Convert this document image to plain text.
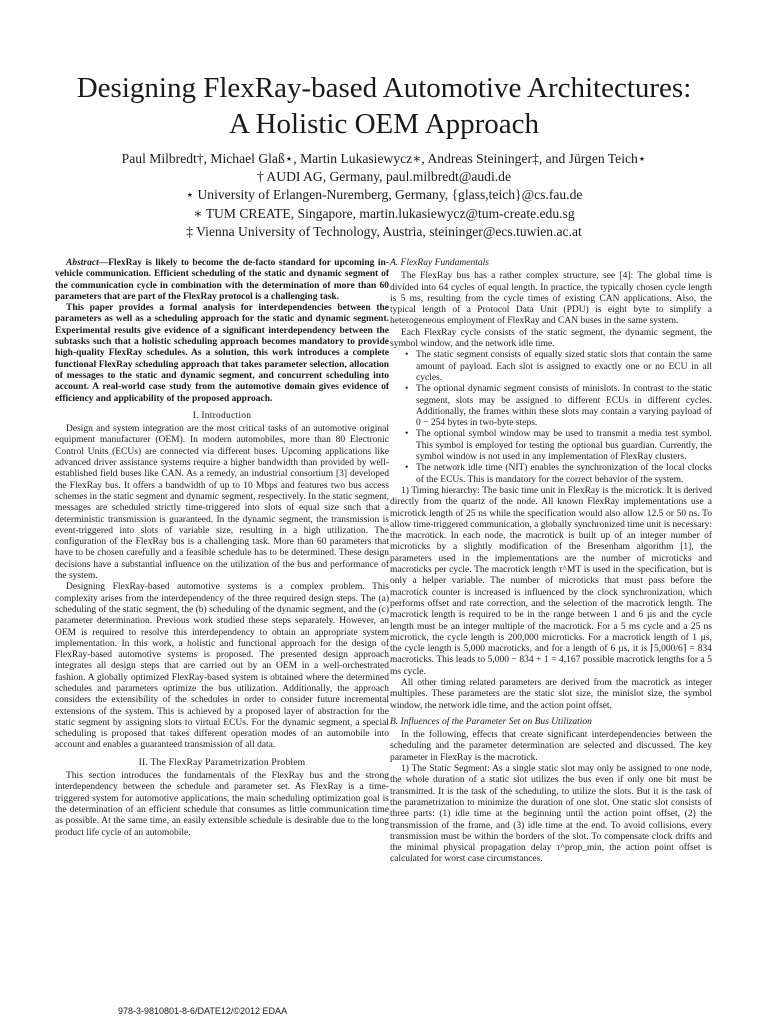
Designing FlexRay-based Automotive Architectures:
A Holistic OEM Approach
Paul Milbredt†, Michael Glaß⋆, Martin Lukasiewycz∗, Andreas Steininger‡, and Jürgen Teich⋆
† AUDI AG, Germany, paul.milbredt@audi.de
⋆ University of Erlangen-Nuremberg, Germany, {glass,teich}@cs.fau.de
∗ TUM CREATE, Singapore, martin.lukasiewycz@tum-create.edu.sg
‡ Vienna University of Technology, Austria, steininger@ecs.tuwien.ac.at

Abstract—FlexRay is likely to become the de-facto standard for upcoming in-vehicle communication. Efficient scheduling of the static and dynamic segment of the communication cycle in combination with the determination of more than 60 parameters that are part of the FlexRay protocol is a challenging task.

This paper provides a formal analysis for interdependencies between the parameters as well as a scheduling approach for the static and dynamic segment. Experimental results give evidence of a significant interdependency between the subtasks such that a holistic scheduling approach becomes mandatory to provide high-quality FlexRay schedules. As a solution, this work introduces a complete functional FlexRay scheduling approach that takes parameter selection, allocation of messages to the static and dynamic segment, and concurrent scheduling into account. A real-world case study from the automotive domain gives evidence of efficiency and applicability of the proposed approach.

I. Introduction

Design and system integration are the most critical tasks of an automotive original equipment manufacturer (OEM). In modern automobiles, more than 80 Electronic Control Units (ECUs) are connected via different buses. Upcoming applications like advanced driver assistance systems require a higher bandwidth than provided by well-established field buses like CAN. As a remedy, an industrial consortium [3] developed the FlexRay bus. It offers a bandwidth of up to 10 Mbps and features two bus access schemes in the static segment and dynamic segment, respectively. In the static segment, messages are scheduled strictly time-triggered into slots of equal size such that a deterministic transmission is guaranteed. In the dynamic segment, the transmission is event-triggered into slots of variable size, resulting in a high utilization. The configuration of the FlexRay bus is a challenging task. More than 60 parameters that have to be chosen carefully and a feasible schedule has to be determined. These design decisions have a substantial influence on the utilization of the bus and performance of the system.

Designing FlexRay-based automotive systems is a complex problem. This complexity arises from the interdependency of the three required design steps. The (a) scheduling of the static segment, the (b) scheduling of the dynamic segment, and the (c) parameter determination. Previous work studied these steps separately. However, an OEM is required to resolve this interdependency to obtain an appropriate system implementation. In this work, a holistic and functional approach for the design of FlexRay-based automotive systems is proposed. The presented design approach integrates all design steps that are carried out by an OEM in a well-orchestrated fashion. A globally optimized FlexRay-based system is obtained where the determined schedules and parameters optimize the bus utilization. Additionally, the approach considers the extensibility of the schedules in order to consider future incremental extensions of the system. This is achieved by a proposed layer of abstraction for the static segment by assigning slots to virtual ECUs. For the dynamic segment, a special scheduling is proposed that takes different operation modes of an automobile into account and enables a guaranteed transmission of all data.

II. The FlexRay Parametrization Problem

This section introduces the fundamentals of the FlexRay bus and the strong interdependency between the schedule and parameter set. As FlexRay is a time-triggered system for automotive applications, the main scheduling optimization goal is the determination of an efficient schedule that consumes as little communication time as possible. At the same time, an easily extensible schedule is desirable due to the long product life cycle of an automobile.

A. FlexRay Fundamentals

The FlexRay bus has a rather complex structure, see [4]: The global time is divided into 64 cycles of equal length. In practice, the typically chosen cycle length is 5 ms, resulting from the cycle times of existing CAN applications. Also, the typical length of a Protocol Data Unit (PDU) is eight byte to simplify a heterogeneous employment of FlexRay and CAN buses in the same system.

Each FlexRay cycle consists of the static segment, the dynamic segment, the symbol window, and the network idle time.

• The static segment consists of equally sized static slots that contain the same amount of payload. Each slot is assigned to exactly one or no ECU in all cycles.
• The optional dynamic segment consists of minislots. In contrast to the static segment, slots may be assigned to different ECUs in different cycles. Additionally, the frames within these slots may contain a varying payload of 0 − 254 bytes in two-byte steps.
• The optional symbol window may be used to transmit a media test symbol. This symbol is employed for testing the optional bus guardian. Currently, the symbol window is not used in any implementation of FlexRay clusters.
• The network idle time (NIT) enables the synchronization of the local clocks of the ECUs. This is mandatory for the correct behavior of the system.

1) Timing hierarchy: The basic time unit in FlexRay is the microtick. It is derived directly from the quartz of the node. All known FlexRay implementations use a microtick length of 25 ns while the specification would also allow 12.5 or 50 ns. To allow time-triggered communication, a globally synchronized time unit is necessary: the macrotick. In each node, the macrotick is built up of an integer number of microticks by a slightly modification of the Bresenham algorithm [1], the parameters used in the implementations are the number of microticks and macroticks per cycle. The macrotick length τ^MT is used in the specification, but is only a helper variable. The number of microticks that must pass before the macrotick counter is increased is influenced by the clock synchronization, which performs offset and rate correction, and the selection of the macrotick length. The macrotick length is required to be in the range between 1 and 6 µs and the cycle length must be an integer multiple of the macrotick. For a 5 ms cycle and a 25 ns microtick, the cycle length is 200,000 microticks. For a macrotick length of 1 µs, the cycle length is 5,000 macroticks, and for a length of 6 µs, it is ⌈5,000/6⌉ = 834 macroticks. This leads to 5,000 − 834 + 1 = 4,167 possible macrotick lengths for a 5 ms cycle.

All other timing related parameters are derived from the macrotick as integer multiples. These parameters are the static slot size, the minislot size, the symbol window, the network idle time, and the action point offset.

B. Influences of the Parameter Set on Bus Utilization

In the following, effects that create significant interdependencies between the scheduling and the parameter determination are selected and discussed. The key parameter in FlexRay is the macrotick.

1) The Static Segment: As a single static slot may only be assigned to one node, the whole duration of a static slot utilizes the bus even if only one bit must be transmitted. It is the task of the scheduling, to utilize the slots. But it is the task of the parametrization to minimize the duration of one slot. One static slot consists of three parts: (1) idle time at the beginning until the action point offset, (2) the transmission of the frame, and (3) idle time at the end. To avoid collisions, every transmission must be within the borders of the slot. To compensate clock drifts and the minimal physical propagation delay τ^prop_min, the action point offset is calculated for worst case circumstances.

978-3-9810801-8-6/DATE12/©2012 EDAA
